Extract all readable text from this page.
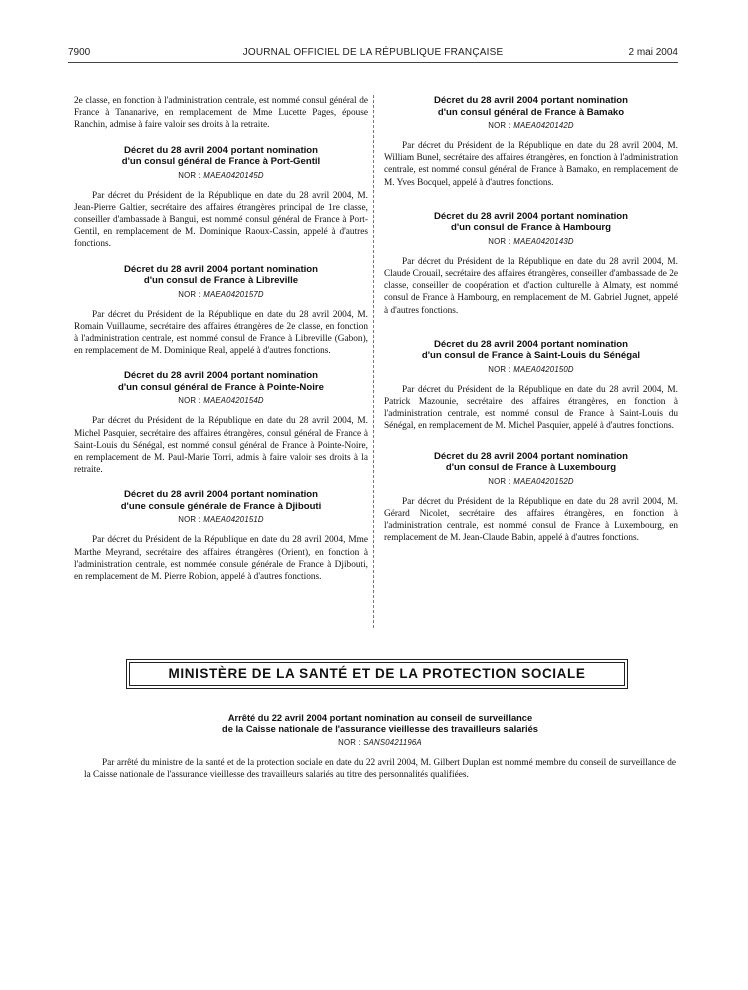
7900	JOURNAL OFFICIEL DE LA RÉPUBLIQUE FRANÇAISE	2 mai 2004

2e classe, en fonction à l'administration centrale, est nommé consul général de France à Tananarive, en remplacement de Mme Lucette Pages, épouse Ranchin, admise à faire valoir ses droits à la retraite.

Décret du 28 avril 2004 portant nomination
d'un consul général de France à Port-Gentil

NOR : MAEA0420145D

Par décret du Président de la République en date du 28 avril 2004, M. Jean-Pierre Galtier, secrétaire des affaires étrangères principal de 1re classe, conseiller d'ambassade à Bangui, est nommé consul général de France à Port-Gentil, en remplacement de M. Dominique Raoux-Cassin, appelé à d'autres fonctions.

Décret du 28 avril 2004 portant nomination
d'un consul de France à Libreville

NOR : MAEA0420157D

Par décret du Président de la République en date du 28 avril 2004, M. Romain Vuillaume, secrétaire des affaires étrangères de 2e classe, en fonction à l'administration centrale, est nommé consul de France à Libreville (Gabon), en remplacement de M. Dominique Real, appelé à d'autres fonctions.

Décret du 28 avril 2004 portant nomination
d'un consul général de France à Pointe-Noire

NOR : MAEA0420154D

Par décret du Président de la République en date du 28 avril 2004, M. Michel Pasquier, secrétaire des affaires étrangères, consul général de France à Saint-Louis du Sénégal, est nommé consul général de France à Pointe-Noire, en remplacement de M. Paul-Marie Torri, admis à faire valoir ses droits à la retraite.

Décret du 28 avril 2004 portant nomination
d'une consule générale de France à Djibouti

NOR : MAEA0420151D

Par décret du Président de la République en date du 28 avril 2004, Mme Marthe Meyrand, secrétaire des affaires étrangères (Orient), en fonction à l'administration centrale, est nommée consule générale de France à Djibouti, en remplacement de M. Pierre Robion, appelé à d'autres fonctions.

Décret du 28 avril 2004 portant nomination
d'un consul général de France à Bamako

NOR : MAEA0420142D

Par décret du Président de la République en date du 28 avril 2004, M. William Bunel, secrétaire des affaires étrangères, en fonction à l'administration centrale, est nommé consul général de France à Bamako, en remplacement de M. Yves Bocquel, appelé à d'autres fonctions.

Décret du 28 avril 2004 portant nomination
d'un consul de France à Hambourg

NOR : MAEA0420143D

Par décret du Président de la République en date du 28 avril 2004, M. Claude Crouail, secrétaire des affaires étrangères, conseiller d'ambassade de 2e classe, conseiller de coopération et d'action culturelle à Almaty, est nommé consul de France à Hambourg, en remplacement de M. Gabriel Jugnet, appelé à d'autres fonctions.

Décret du 28 avril 2004 portant nomination
d'un consul de France à Saint-Louis du Sénégal

NOR : MAEA0420150D

Par décret du Président de la République en date du 28 avril 2004, M. Patrick Mazounie, secrétaire des affaires étrangères, en fonction à l'administration centrale, est nommé consul de France à Saint-Louis du Sénégal, en remplacement de M. Michel Pasquier, appelé à d'autres fonctions.

Décret du 28 avril 2004 portant nomination
d'un consul de France à Luxembourg

NOR : MAEA0420152D

Par décret du Président de la République en date du 28 avril 2004, M. Gérard Nicolet, secrétaire des affaires étrangères, en fonction à l'administration centrale, est nommé consul de France à Luxembourg, en remplacement de M. Jean-Claude Babin, appelé à d'autres fonctions.

MINISTÈRE DE LA SANTÉ ET DE LA PROTECTION SOCIALE

Arrêté du 22 avril 2004 portant nomination au conseil de surveillance
de la Caisse nationale de l'assurance vieillesse des travailleurs salariés

NOR : SANS0421196A

Par arrêté du ministre de la santé et de la protection sociale en date du 22 avril 2004, M. Gilbert Duplan est nommé membre du conseil de surveillance de la Caisse nationale de l'assurance vieillesse des travailleurs salariés au titre des personnalités qualifiées.
